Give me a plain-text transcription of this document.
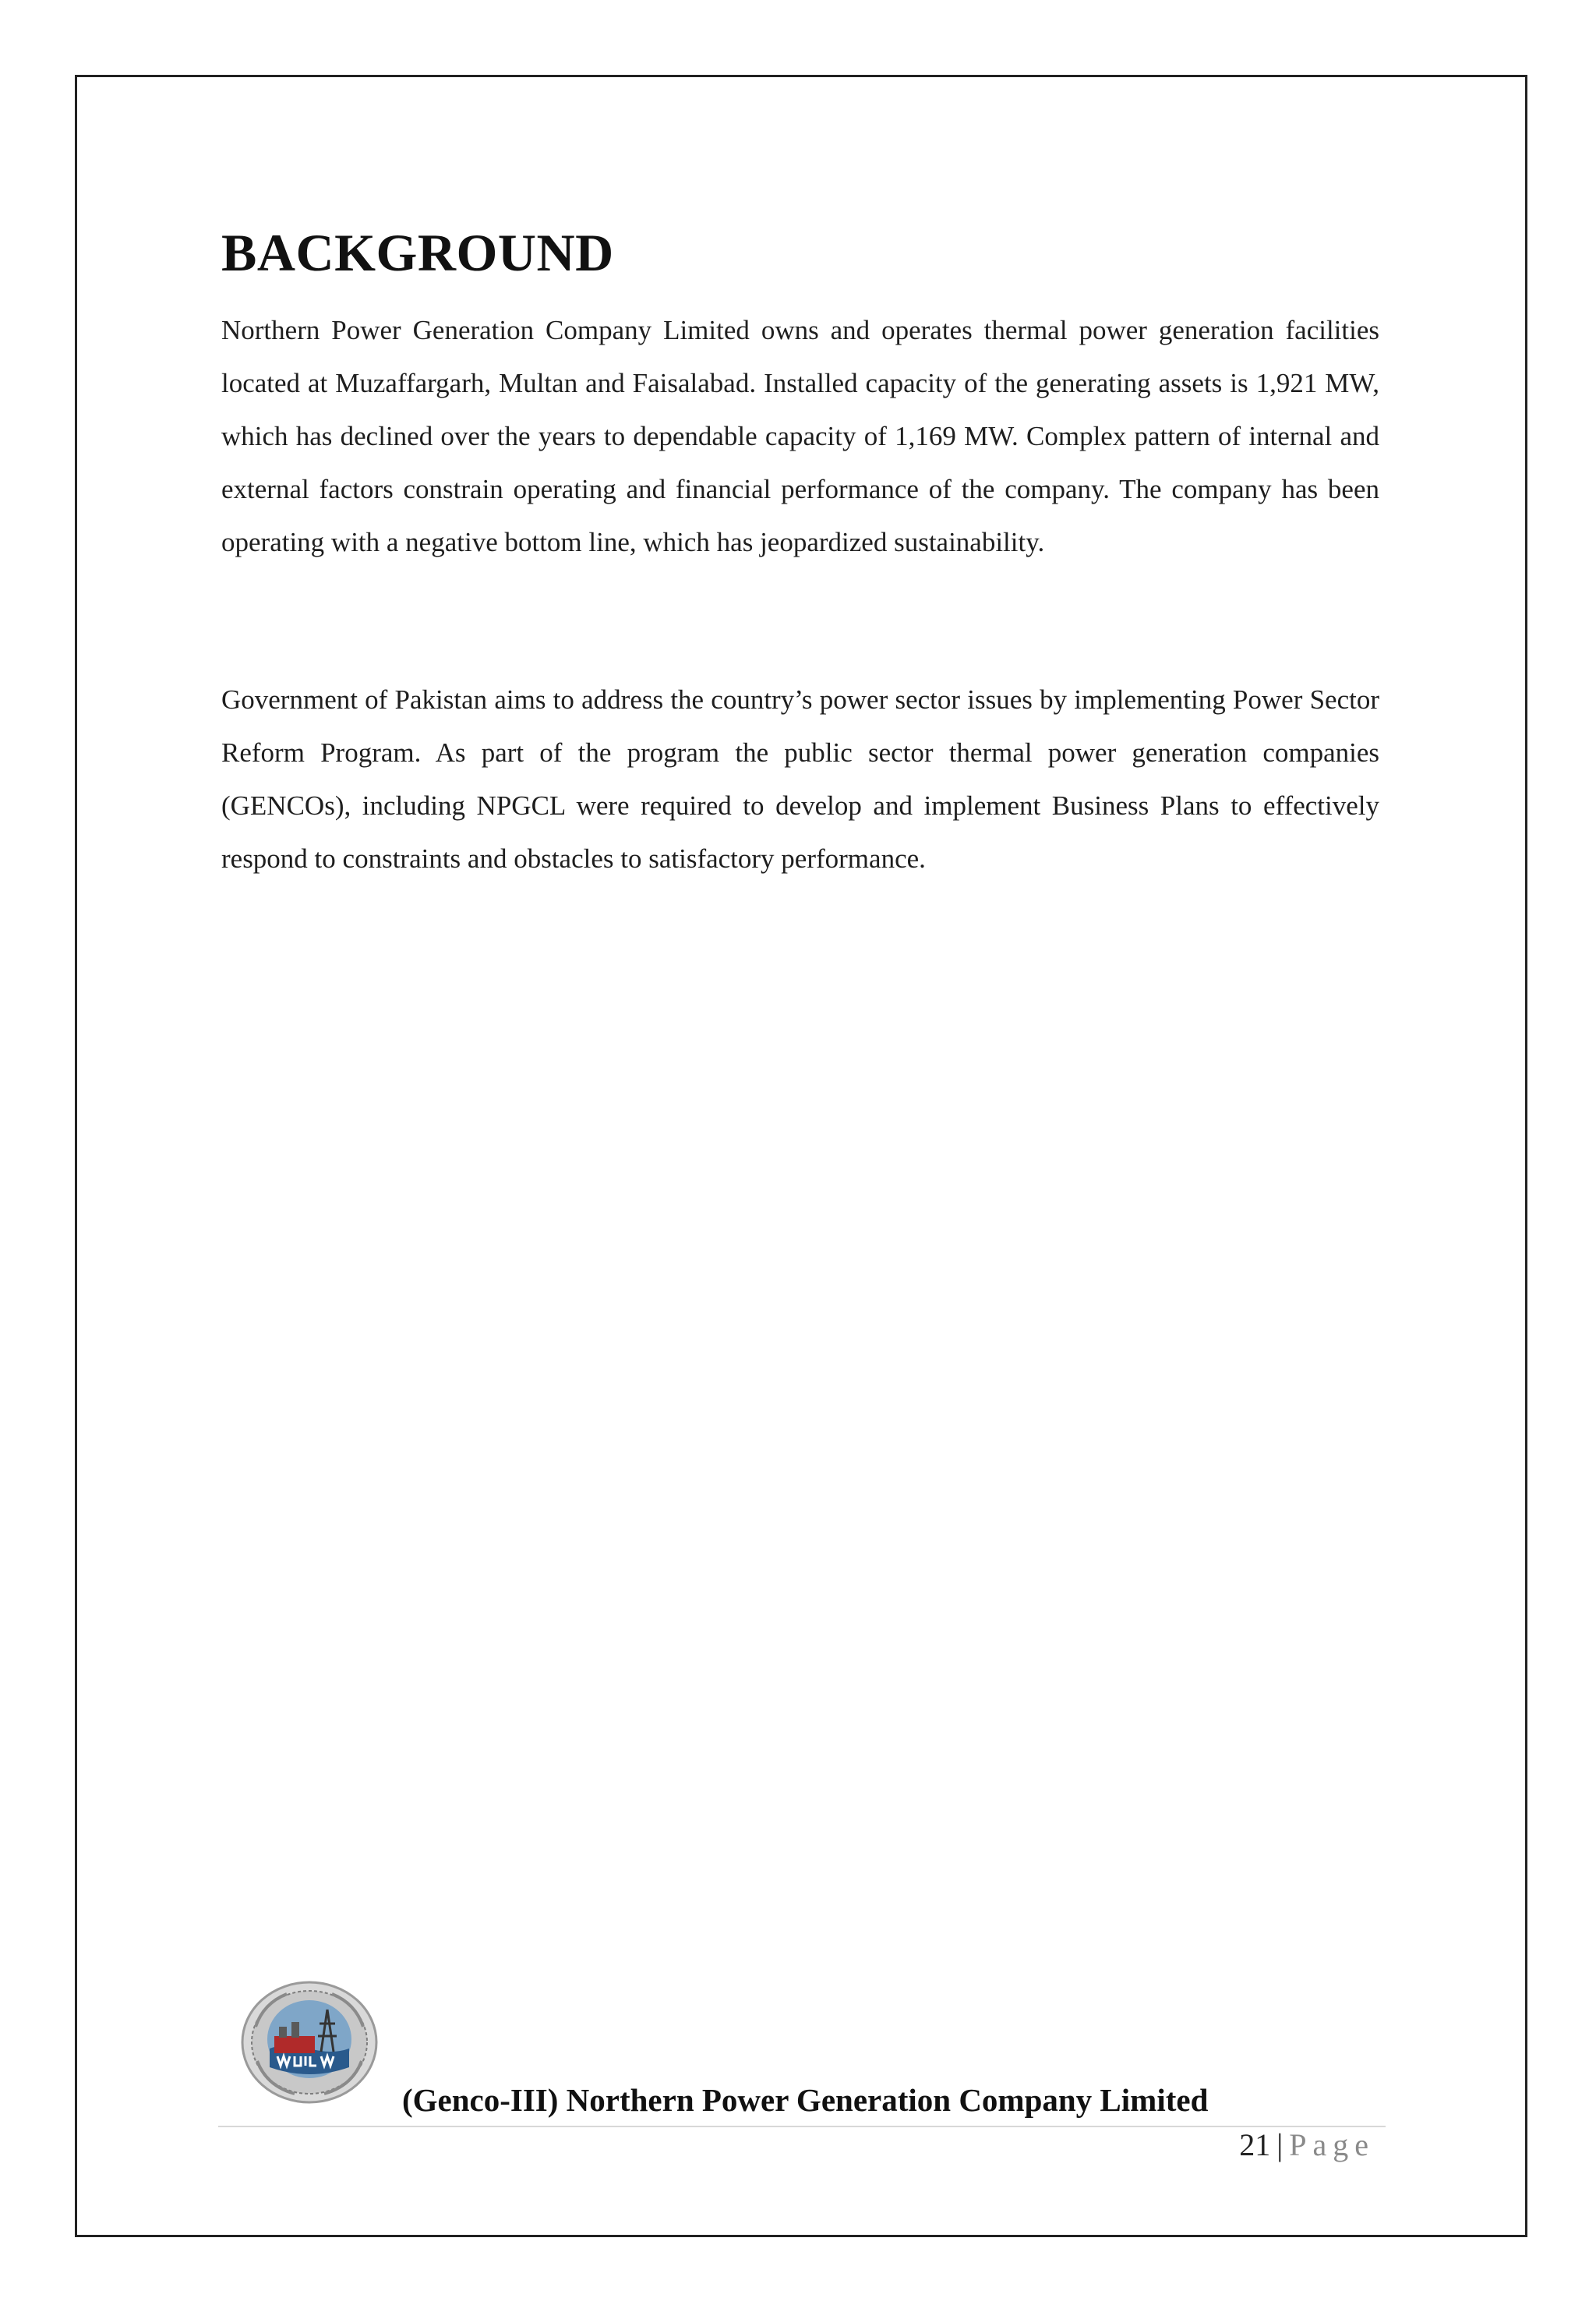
BACKGROUND

Northern Power Generation Company Limited owns and operates thermal power generation facilities located at Muzaffargarh, Multan and Faisalabad. Installed capacity of the generating assets is 1,921 MW, which has declined over the years to dependable capacity of 1,169 MW. Complex pattern of internal and external factors constrain operating and financial performance of the company. The company has been operating with a negative bottom line, which has jeopardized sustainability.

Government of Pakistan aims to address the country’s power sector issues by implementing Power Sector Reform Program. As part of the program the public sector thermal power generation companies (GENCOs), including NPGCL were required to develop and implement Business Plans to effectively respond to constraints and obstacles to satisfactory performance.

(Genco-III) Northern Power Generation Company Limited
21 | Page
